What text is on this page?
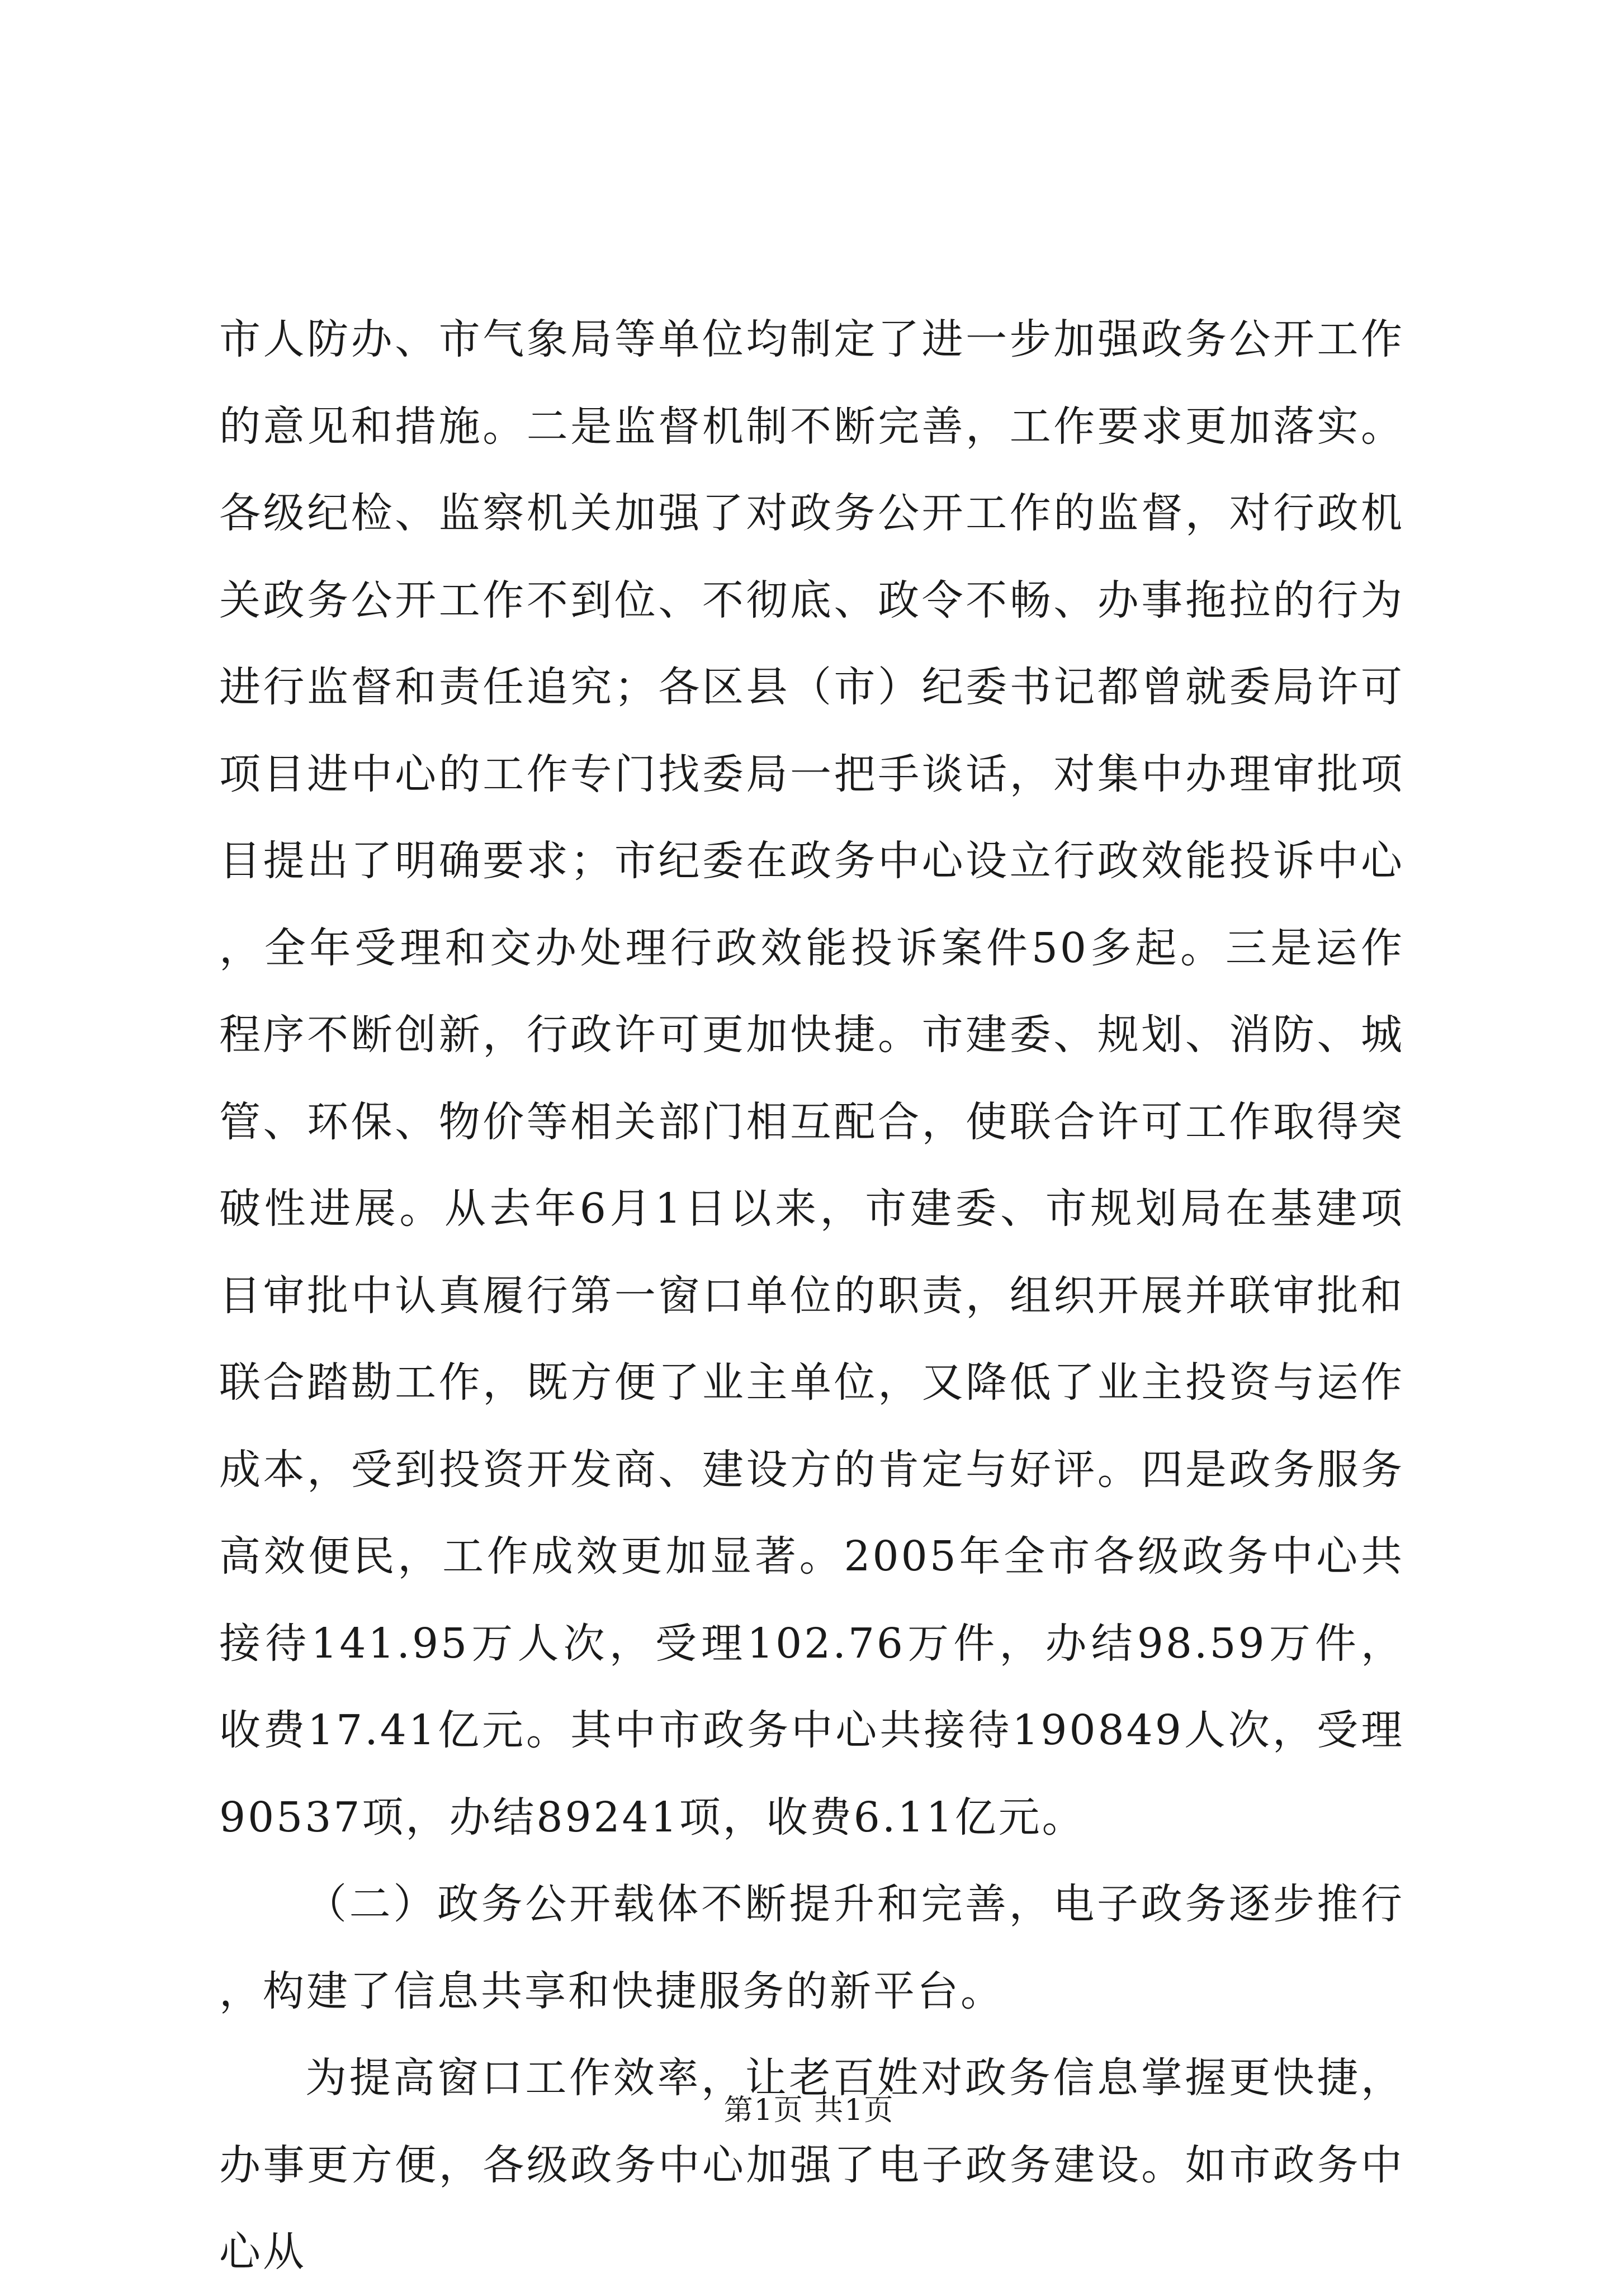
市人防办、市气象局等单位均制定了进一步加强政务公开工作的意见和措施。二是监督机制不断完善，工作要求更加落实。各级纪检、监察机关加强了对政务公开工作的监督，对行政机关政务公开工作不到位、不彻底、政令不畅、办事拖拉的行为进行监督和责任追究；各区县（市）纪委书记都曾就委局许可项目进中心的工作专门找委局一把手谈话，对集中办理审批项目提出了明确要求；市纪委在政务中心设立行政效能投诉中心，全年受理和交办处理行政效能投诉案件50多起。三是运作程序不断创新，行政许可更加快捷。市建委、规划、消防、城管、环保、物价等相关部门相互配合，使联合许可工作取得突破性进展。从去年6月1日以来，市建委、市规划局在基建项目审批中认真履行第一窗口单位的职责，组织开展并联审批和联合踏勘工作，既方便了业主单位，又降低了业主投资与运作成本，受到投资开发商、建设方的肯定与好评。四是政务服务高效便民，工作成效更加显著。2005年全市各级政务中心共接待141.95万人次，受理102.76万件，办结98.59万件，收费17.41亿元。其中市政务中心共接待190849人次，受理90537项，办结89241项，收费6.11亿元。

（二）政务公开载体不断提升和完善，电子政务逐步推行，构建了信息共享和快捷服务的新平台。

为提高窗口工作效率，让老百姓对政务信息掌握更快捷，办事更方便，各级政务中心加强了电子政务建设。如市政务中心从

第1页 共1页
